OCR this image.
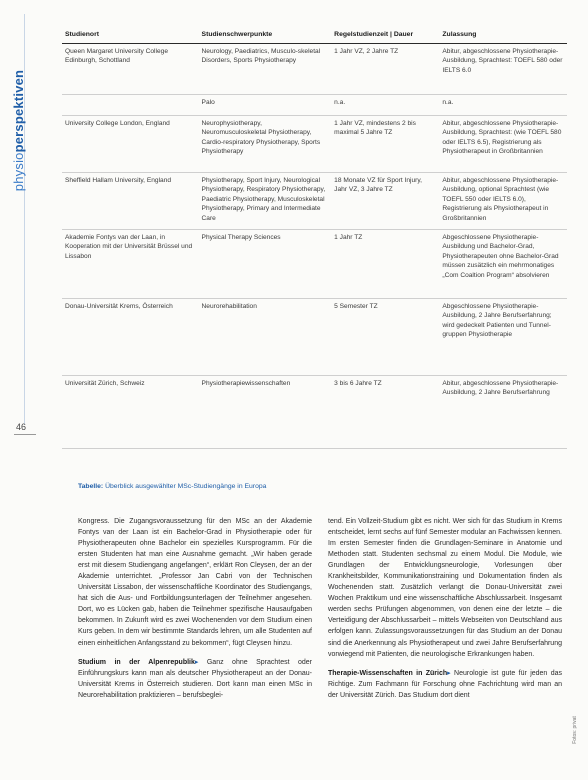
physioperspektiven
46
Studienort	Studienschwerpunkte	Regelstudienzeit | Dauer	Zulassung
Queen Margaret University College Edinburgh, Schottland	Neurology, Paediatrics, Musculo-skeletal Disorders, Sports Physiotherapy	1 Jahr VZ, 2 Jahre TZ	Abitur, abgeschlossene Physiotherapie-Ausbildung, Sprachtest: TOEFL 580 oder IELTS 6.0
	Palo	n.a.	n.a.
University College London, England	Neurophysiotherapy, Neuromusculoskeletal Physiotherapy, Cardio-respiratory Physiotherapy, Sports Physiotherapy	1 Jahr VZ, mindestens 2 bis maximal 5 Jahre TZ	Abitur, abgeschlossene Physiotherapie-Ausbildung, Sprachtest: (wie TOEFL 580 oder IELTS 6.5), Registrierung als Physiotherapeut in Großbritannien
Sheffield Hallam University, England	Physiotherapy, Sport Injury, Neurological Physiotherapy, Respiratory Physiotherapy, Paediatric Physiotherapy, Musculoskeletal Physiotherapy, Primary and Intermediate Care	18 Monate VZ für Sport Injury, Jahr VZ, 3 Jahre TZ	Abitur, abgeschlossene Physiotherapie-Ausbildung, optional Sprachtest (wie TOEFL 550 oder IELTS 6.0), Registrierung als Physiotherapeut in Großbritannien
Akademie Fontys van der Laan, in Kooperation mit der Universität Brüssel und Lissabon	Physical Therapy Sciences	1 Jahr TZ	Abgeschlossene Physiotherapie-Ausbildung und Bachelor-Grad, Physiotherapeuten ohne Bachelor-Grad müssen zusätzlich ein mehrmonatiges „Com Coaltion Program“ absolvieren
Donau-Universität Krems, Österreich	Neurorehabilitation	5 Semester TZ	Abgeschlossene Physiotherapie-Ausbildung, 2 Jahre Berufserfahrung; wird gedeckelt Patienten und Tunnel-gruppen Physiotherapie
Universität Zürich, Schweiz	Physiotherapiewissenschaften	3 bis 6 Jahre TZ	Abitur, abgeschlossene Physiotherapie-Ausbildung, 2 Jahre Berufserfahrung
Tabelle: Überblick ausgewählter MSc-Studiengänge in Europa

Kongress. Die Zugangsvoraussetzung für den MSc an der Akademie Fontys van der Laan ist ein Bachelor-Grad in Physiotherapie oder für Physiotherapeuten ohne Bachelor ein spezielles Kursprogramm. Für die ersten Studenten hat man eine Ausnahme gemacht. „Wir haben gerade erst mit diesem Studiengang angefangen“, erklärt Ron Cleysen, der an der Akademie unterrichtet. „Professor Jan Cabri von der Technischen Universität Lissabon, der wissenschaftliche Koordinator des Studiengangs, hat sich die Aus- und Fortbildungsunterlagen der Teilnehmer angesehen. Dort, wo es Lücken gab, haben die Teilnehmer spezifische Hausaufgaben bekommen. In Zukunft wird es zwei Wochenenden vor dem Studium einen Kurs geben. In dem wir bestimmte Standards lehren, um alle Studenten auf einen einheitlichen Anfangsstand zu bekommen“, fügt Cleysen hinzu.

Studium in der Alpenrepublik▸ Ganz ohne Sprachtest oder Einführungskurs kann man als deutscher Physiotherapeut an der Donau-Universität Krems in Österreich studieren. Dort kann man einen MSc in Neurorehabilitation praktizieren – berufsbeglei-

tend. Ein Vollzeit-Studium gibt es nicht. Wer sich für das Studium in Krems entscheidet, lernt sechs auf fünf Semester modular an Fachwissen kennen. Im ersten Semester finden die Grundlagen-Seminare in Anatomie und Methoden statt. Studenten sechsmal zu einem Modul. Die Module, wie Grundlagen der Entwicklungsneurologie, Vorlesungen über Krankheitsbilder, Kommunikationstraining und Dokumentation finden als Wochenenden statt. Zusätzlich verlangt die Donau-Universität zwei Wochen Praktikum und eine wissenschaftliche Abschlussarbeit. Insgesamt werden sechs Prüfungen abgenommen, von denen eine der letzte – die Verteidigung der Abschlussarbeit – mittels Webseiten von Deutschland aus erfolgen kann. Zulassungsvoraussetzungen für das Studium an der Donau sind die Anerkennung als Physiotherapeut und zwei Jahre Berufserfahrung vorwiegend mit Patienten, die neurologische Erkrankungen haben.

Therapie-Wissenschaften in Zürich▸ Neurologie ist gute für jeden das Richtige. Zum Fachmann für Forschung ohne Fachrichtung wird man an der Universität Zürich. Das Studium dort dient

Fotos: privat
